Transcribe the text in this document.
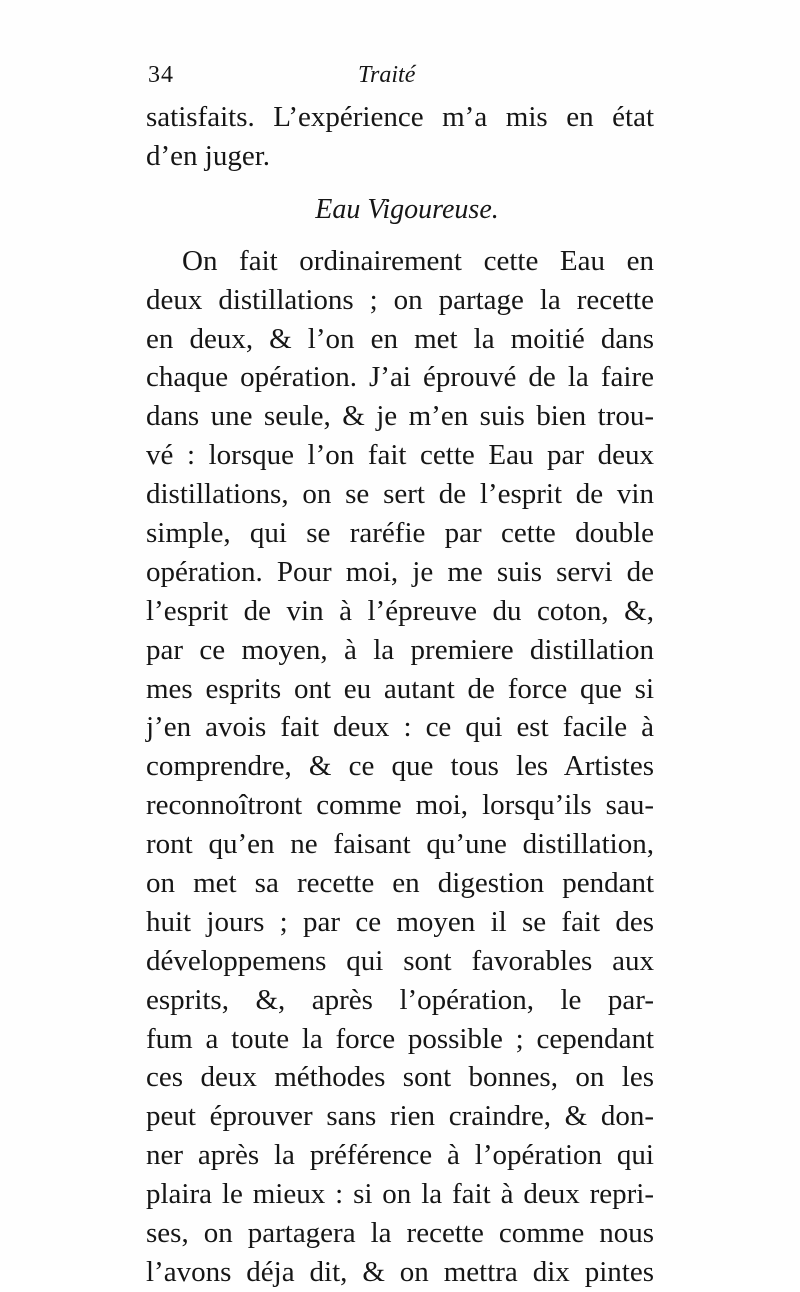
34	Traité
satisfaits. L’expérience m’a mis en état
d’en juger.
Eau Vigoureuse.
On fait ordinairement cette Eau en
deux distillations ; on partage la recette
en deux, & l’on en met la moitié dans
chaque opération. J’ai éprouvé de la faire
dans une seule, & je m’en suis bien trou-
vé : lorsque l’on fait cette Eau par deux
distillations, on se sert de l’esprit de vin
simple, qui se raréfie par cette double
opération. Pour moi, je me suis servi de
l’esprit de vin à l’épreuve du coton, &,
par ce moyen, à la premiere distillation
mes esprits ont eu autant de force que si
j’en avois fait deux : ce qui est facile à
comprendre, & ce que tous les Artistes
reconnoîtront comme moi, lorsqu’ils sau-
ront qu’en ne faisant qu’une distillation,
on met sa recette en digestion pendant
huit jours ; par ce moyen il se fait des
développemens qui sont favorables aux
esprits, &, après l’opération, le par-
fum a toute la force possible ; cependant
ces deux méthodes sont bonnes, on les
peut éprouver sans rien craindre, & don-
ner après la préférence à l’opération qui
plaira le mieux : si on la fait à deux repri-
ses, on partagera la recette comme nous
l’avons déja dit, & on mettra dix pintes
